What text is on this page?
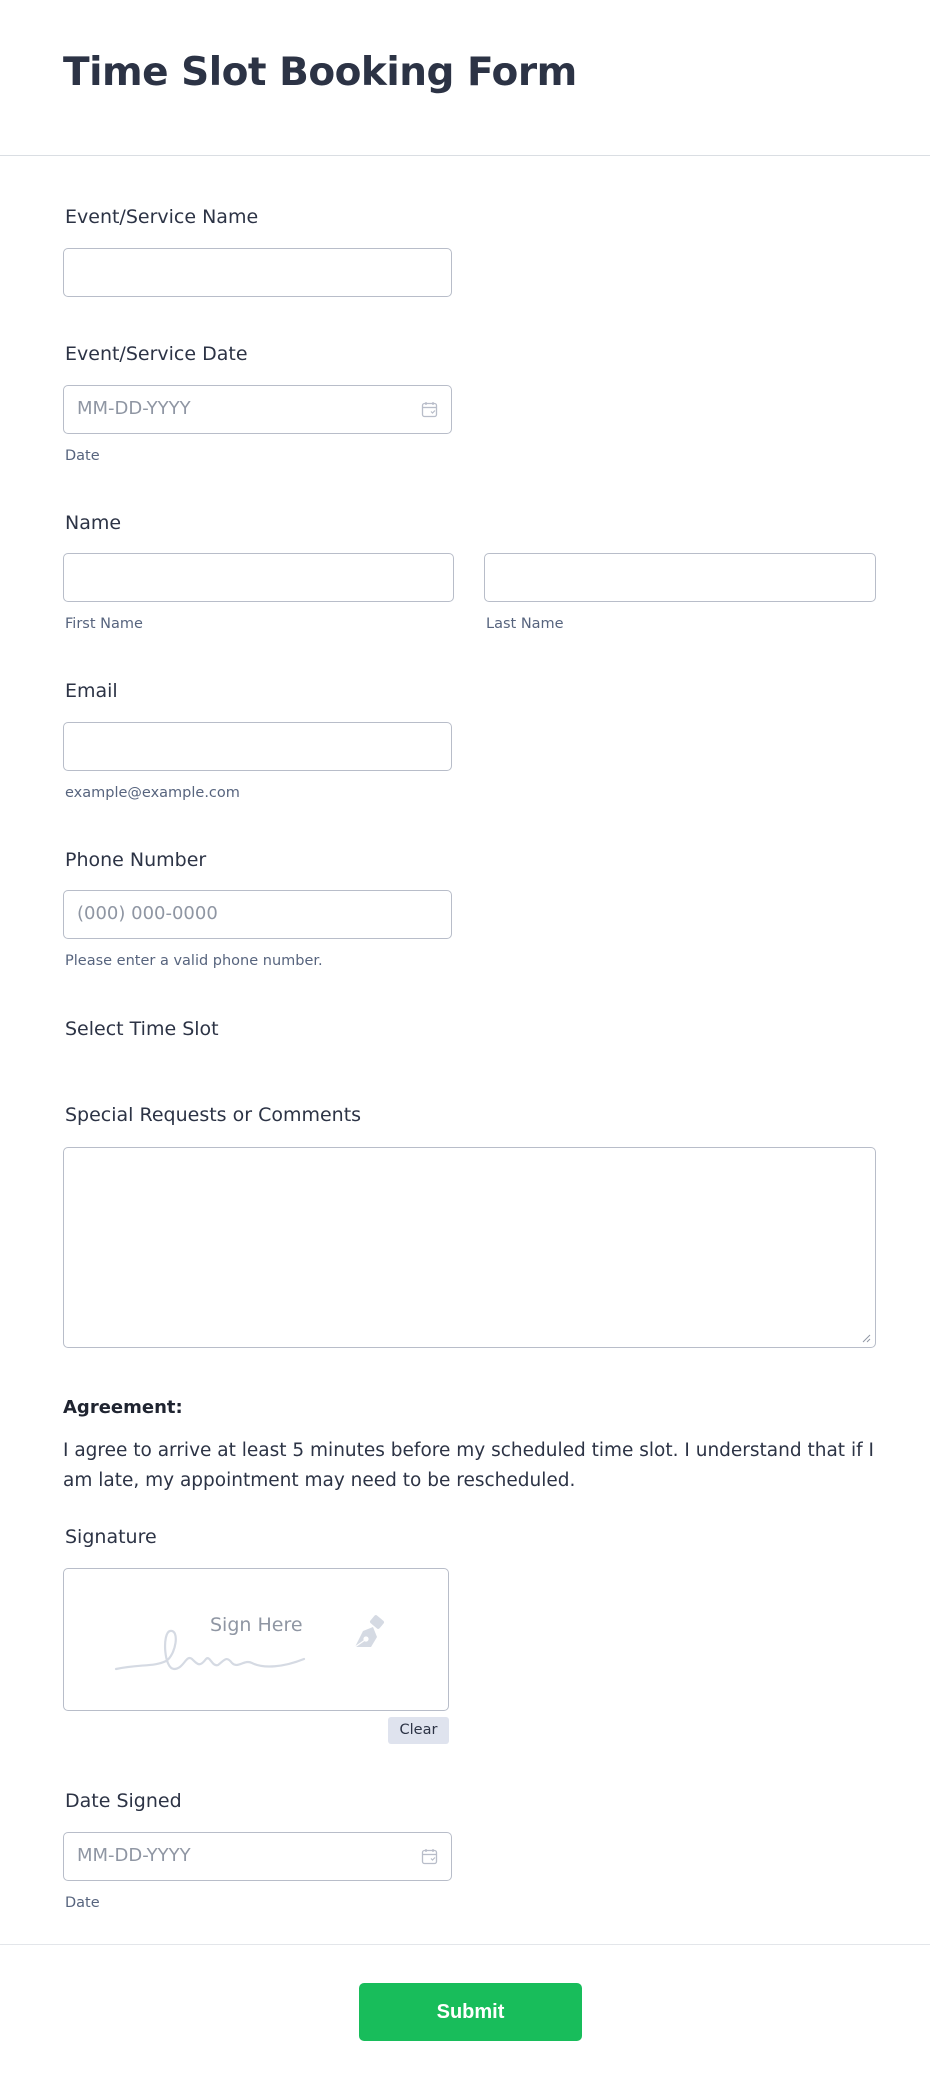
Time Slot Booking Form
Event/Service Name
Event/Service Date
MM-DD-YYYY
Date
Name
First Name	Last Name
Email
example@example.com
Phone Number
(000) 000-0000
Please enter a valid phone number.
Select Time Slot
Special Requests or Comments
Agreement:
I agree to arrive at least 5 minutes before my scheduled time slot. I understand that if I am late, my appointment may need to be rescheduled.
Signature
Sign Here
Clear
Date Signed
MM-DD-YYYY
Date
Submit
